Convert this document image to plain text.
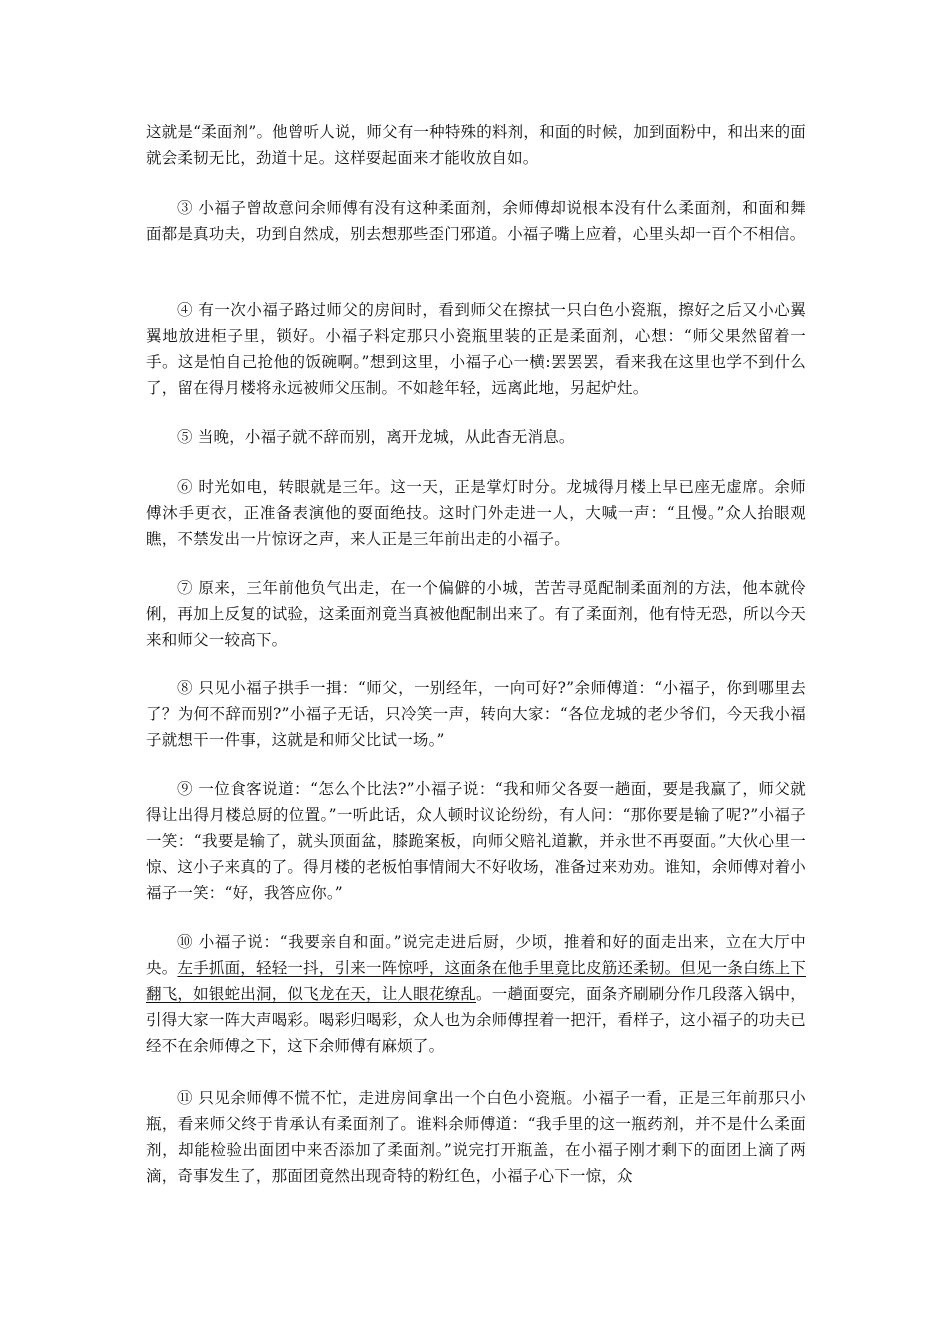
这就是“柔面剂”。他曾听人说，师父有一种特殊的料剂，和面的时候，加到面粉中，和出来的面就会柔韧无比，劲道十足。这样耍起面来才能收放自如。

③ 小福子曾故意问余师傅有没有这种柔面剂，余师傅却说根本没有什么柔面剂，和面和舞面都是真功夫，功到自然成，别去想那些歪门邪道。小福子嘴上应着，心里头却一百个不相信。

④ 有一次小福子路过师父的房间时，看到师父在擦拭一只白色小瓷瓶，擦好之后又小心翼翼地放进柜子里，锁好。小福子料定那只小瓷瓶里装的正是柔面剂，心想：“师父果然留着一手。这是怕自己抢他的饭碗啊。”想到这里，小福子心一横:罢罢罢，看来我在这里也学不到什么了，留在得月楼将永远被师父压制。不如趁年轻，远离此地，另起炉灶。

⑤ 当晚，小福子就不辞而别，离开龙城，从此杳无消息。

⑥ 时光如电，转眼就是三年。这一天，正是掌灯时分。龙城得月楼上早已座无虚席。余师傅沐手更衣，正准备表演他的耍面绝技。这时门外走进一人，大喊一声：“且慢。”众人抬眼观瞧，不禁发出一片惊讶之声，来人正是三年前出走的小福子。

⑦ 原来，三年前他负气出走，在一个偏僻的小城，苦苦寻觅配制柔面剂的方法，他本就伶俐，再加上反复的试验，这柔面剂竟当真被他配制出来了。有了柔面剂，他有恃无恐，所以今天来和师父一较高下。

⑧ 只见小福子拱手一揖：“师父，一别经年，一向可好?”余师傅道：“小福子，你到哪里去了？为何不辞而别?”小福子无话，只冷笑一声，转向大家：“各位龙城的老少爷们，今天我小福子就想干一件事，这就是和师父比试一场。”

⑨ 一位食客说道：“怎么个比法?”小福子说：“我和师父各耍一趟面，要是我赢了，师父就得让出得月楼总厨的位置。”一听此话，众人顿时议论纷纷，有人问：“那你要是输了呢?”小福子一笑：“我要是输了，就头顶面盆，膝跪案板，向师父赔礼道歉，并永世不再耍面。”大伙心里一惊、这小子来真的了。得月楼的老板怕事情闹大不好收场，准备过来劝劝。谁知，余师傅对着小福子一笑：“好，我答应你。”

⑩ 小福子说：“我要亲自和面。”说完走进后厨，少顷，推着和好的面走出来，立在大厅中央。左手抓面，轻轻一抖，引来一阵惊呼，这面条在他手里竟比皮筋还柔韧。但见一条白练上下翻飞，如银蛇出洞，似飞龙在天，让人眼花缭乱。一趟面耍完，面条齐刷刷分作几段落入锅中，引得大家一阵大声喝彩。喝彩归喝彩，众人也为余师傅捏着一把汗，看样子，这小福子的功夫已经不在余师傅之下，这下余师傅有麻烦了。

⑪ 只见余师傅不慌不忙，走进房间拿出一个白色小瓷瓶。小福子一看，正是三年前那只小瓶，看来师父终于肯承认有柔面剂了。谁料余师傅道：“我手里的这一瓶药剂，并不是什么柔面剂，却能检验出面团中来否添加了柔面剂。”说完打开瓶盖，在小福子刚才剩下的面团上滴了两滴，奇事发生了，那面团竟然出现奇特的粉红色，小福子心下一惊，众
